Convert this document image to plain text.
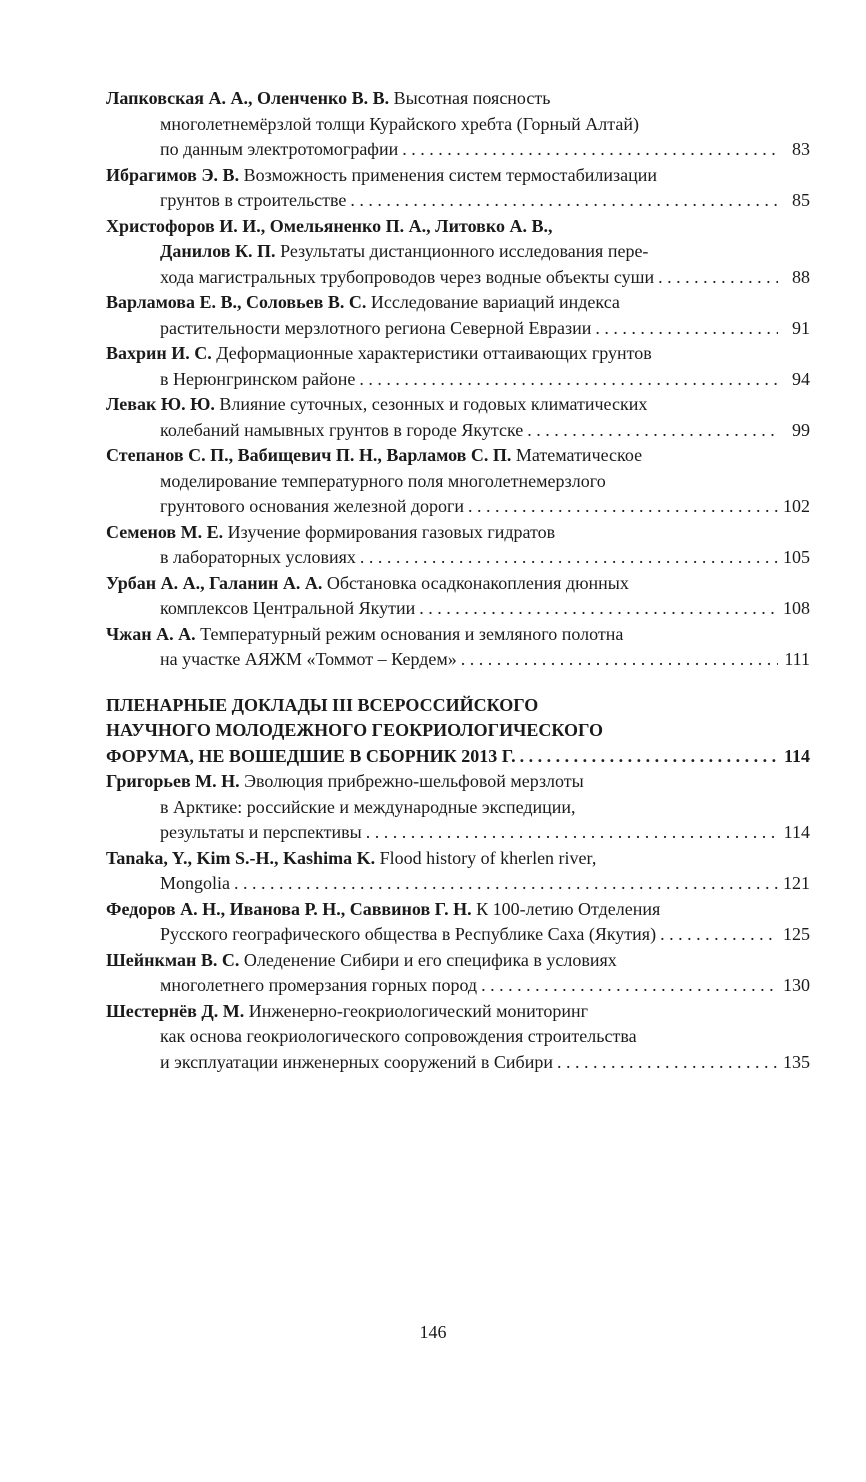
Лапковская А. А., Оленченко В. В. Высотная поясность
многолетнемёрзлой толщи Курайского хребта (Горный Алтай)
по данным электротомографии . . .	83
Ибрагимов Э. В. Возможность применения систем термостабилизации
грунтов в строительстве . . .	85
Христофоров И. И., Омельяненко П. А., Литовко А. В.,
Данилов К. П. Результаты дистанционного исследования пере-
хода магистральных трубопроводов через водные объекты суши . . .	88
Варламова Е. В., Соловьев В. С. Исследование вариаций индекса
растительности мерзлотного региона Северной Евразии . . .	91
Вахрин И. С. Деформационные характеристики оттаивающих грунтов
в Нерюнгринском районе . . .	94
Левак Ю. Ю. Влияние суточных, сезонных и годовых климатических
колебаний намывных грунтов в городе Якутске . . .	99
Степанов С. П., Вабищевич П. Н., Варламов С. П. Математическое
моделирование температурного поля многолетнемерзлого
грунтового основания железной дороги . . .	102
Семенов М. Е. Изучение формирования газовых гидратов
в лабораторных условиях . . .	105
Урбан А. А., Галанин А. А. Обстановка осадконакопления дюнных
комплексов Центральной Якутии . . .	108
Чжан А. А. Температурный режим основания и земляного полотна
на участке АЯЖМ «Томмот – Кердем» . . .	111
ПЛЕНАРНЫЕ ДОКЛАДЫ III ВСЕРОССИЙСКОГО
НАУЧНОГО МОЛОДЕЖНОГО ГЕОКРИОЛОГИЧЕСКОГО
ФОРУМА, НЕ ВОШЕДШИЕ В СБОРНИК 2013 Г. . . .	114
Григорьев М. Н. Эволюция прибрежно-шельфовой мерзлоты
в Арктике: российские и международные экспедиции,
результаты и перспективы . . .	114
Tanaka, Y., Kim S.-H., Kashima K. Flood history of kherlen river,
Mongolia . . .	121
Федоров А. Н., Иванова Р. Н., Саввинов Г. Н. К 100-летию Отделения
Русского географического общества в Республике Саха (Якутия) . . .	125
Шейнкман В. С. Оледенение Сибири и его специфика в условиях
многолетнего промерзания горных пород . . .	130
Шестернёв Д. М. Инженерно-геокриологический мониторинг
как основа геокриологического сопровождения строительства
и эксплуатации инженерных сооружений в Сибири . . .	135
146
